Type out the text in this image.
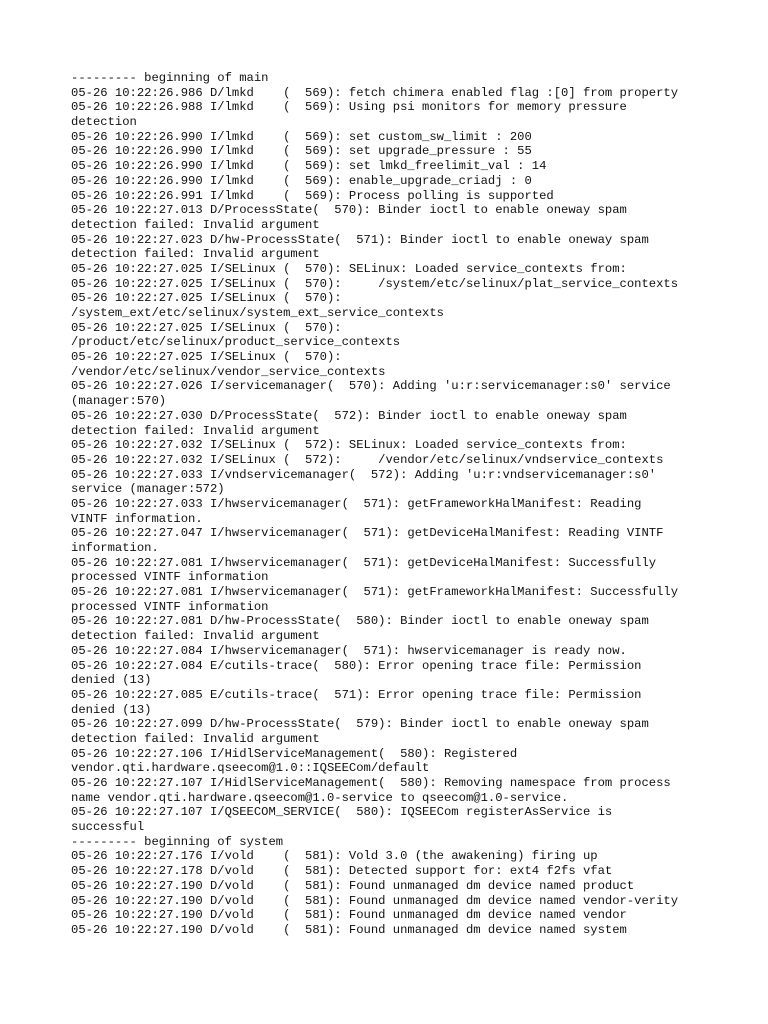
--------- beginning of main
05-26 10:22:26.986 D/lmkd    (  569): fetch chimera enabled flag :[0] from property
05-26 10:22:26.988 I/lmkd    (  569): Using psi monitors for memory pressure
detection
05-26 10:22:26.990 I/lmkd    (  569): set custom_sw_limit : 200
05-26 10:22:26.990 I/lmkd    (  569): set upgrade_pressure : 55
05-26 10:22:26.990 I/lmkd    (  569): set lmkd_freelimit_val : 14
05-26 10:22:26.990 I/lmkd    (  569): enable_upgrade_criadj : 0
05-26 10:22:26.991 I/lmkd    (  569): Process polling is supported
05-26 10:22:27.013 D/ProcessState(  570): Binder ioctl to enable oneway spam
detection failed: Invalid argument
05-26 10:22:27.023 D/hw-ProcessState(  571): Binder ioctl to enable oneway spam
detection failed: Invalid argument
05-26 10:22:27.025 I/SELinux (  570): SELinux: Loaded service_contexts from:
05-26 10:22:27.025 I/SELinux (  570):     /system/etc/selinux/plat_service_contexts
05-26 10:22:27.025 I/SELinux (  570):
/system_ext/etc/selinux/system_ext_service_contexts
05-26 10:22:27.025 I/SELinux (  570):
/product/etc/selinux/product_service_contexts
05-26 10:22:27.025 I/SELinux (  570):
/vendor/etc/selinux/vendor_service_contexts
05-26 10:22:27.026 I/servicemanager(  570): Adding 'u:r:servicemanager:s0' service
(manager:570)
05-26 10:22:27.030 D/ProcessState(  572): Binder ioctl to enable oneway spam
detection failed: Invalid argument
05-26 10:22:27.032 I/SELinux (  572): SELinux: Loaded service_contexts from:
05-26 10:22:27.032 I/SELinux (  572):     /vendor/etc/selinux/vndservice_contexts
05-26 10:22:27.033 I/vndservicemanager(  572): Adding 'u:r:vndservicemanager:s0'
service (manager:572)
05-26 10:22:27.033 I/hwservicemanager(  571): getFrameworkHalManifest: Reading
VINTF information.
05-26 10:22:27.047 I/hwservicemanager(  571): getDeviceHalManifest: Reading VINTF
information.
05-26 10:22:27.081 I/hwservicemanager(  571): getDeviceHalManifest: Successfully
processed VINTF information
05-26 10:22:27.081 I/hwservicemanager(  571): getFrameworkHalManifest: Successfully
processed VINTF information
05-26 10:22:27.081 D/hw-ProcessState(  580): Binder ioctl to enable oneway spam
detection failed: Invalid argument
05-26 10:22:27.084 I/hwservicemanager(  571): hwservicemanager is ready now.
05-26 10:22:27.084 E/cutils-trace(  580): Error opening trace file: Permission
denied (13)
05-26 10:22:27.085 E/cutils-trace(  571): Error opening trace file: Permission
denied (13)
05-26 10:22:27.099 D/hw-ProcessState(  579): Binder ioctl to enable oneway spam
detection failed: Invalid argument
05-26 10:22:27.106 I/HidlServiceManagement(  580): Registered
vendor.qti.hardware.qseecom@1.0::IQSEECom/default
05-26 10:22:27.107 I/HidlServiceManagement(  580): Removing namespace from process
name vendor.qti.hardware.qseecom@1.0-service to qseecom@1.0-service.
05-26 10:22:27.107 I/QSEECOM_SERVICE(  580): IQSEECom registerAsService is
successful
--------- beginning of system
05-26 10:22:27.176 I/vold    (  581): Vold 3.0 (the awakening) firing up
05-26 10:22:27.178 D/vold    (  581): Detected support for: ext4 f2fs vfat
05-26 10:22:27.190 D/vold    (  581): Found unmanaged dm device named product
05-26 10:22:27.190 D/vold    (  581): Found unmanaged dm device named vendor-verity
05-26 10:22:27.190 D/vold    (  581): Found unmanaged dm device named vendor
05-26 10:22:27.190 D/vold    (  581): Found unmanaged dm device named system
